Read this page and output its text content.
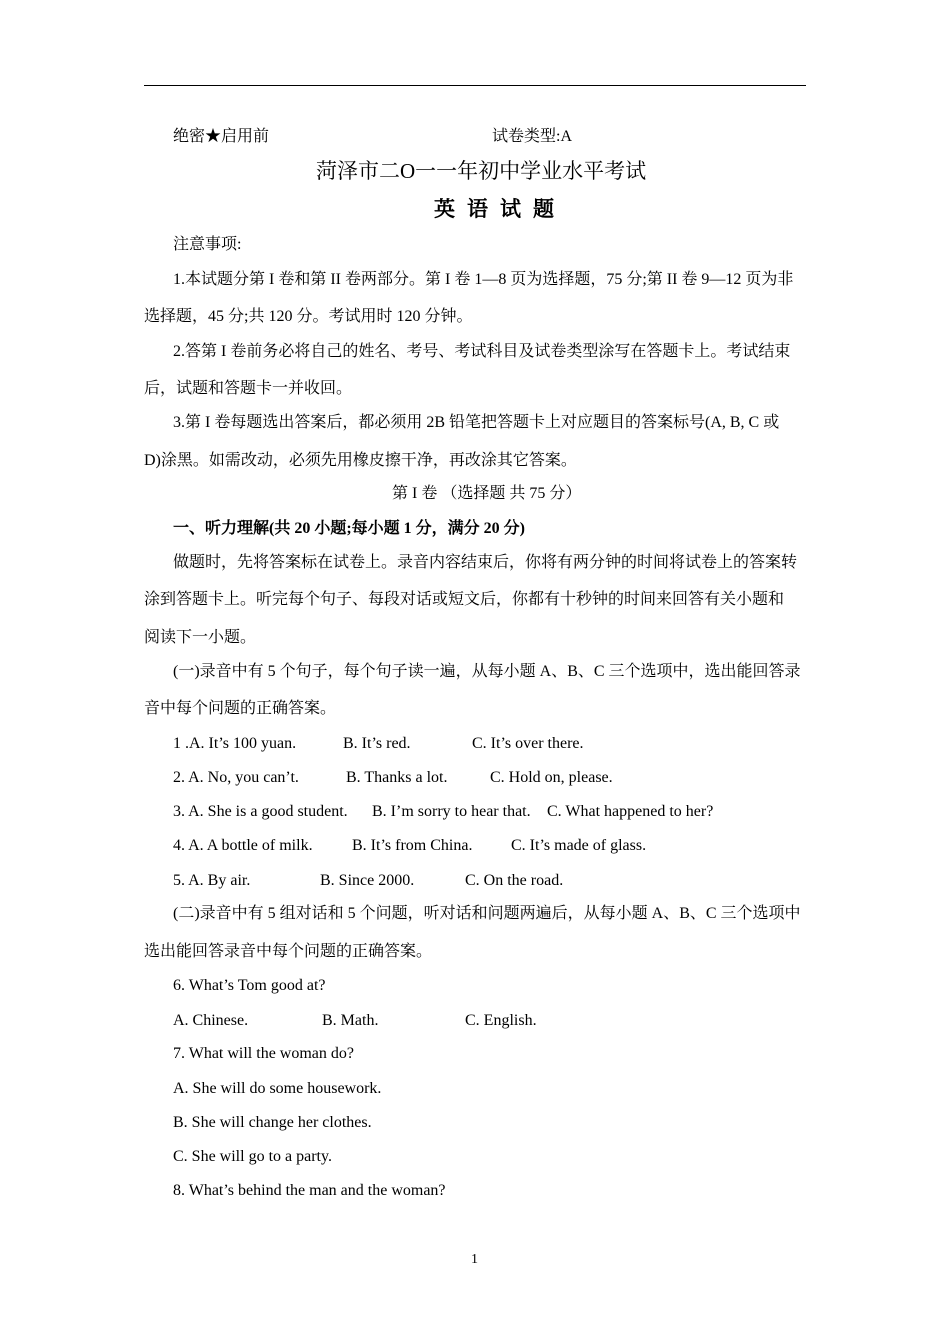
绝密★启用前	试卷类型:A
菏泽市二O一一年初中学业水平考试
英语试题
注意事项:
1.本试题分第 I 卷和第 II 卷两部分。第 I 卷 1—8 页为选择题，75 分;第 II 卷 9—12 页为非
选择题，45 分;共 120 分。考试用时 120 分钟。
2.答第 I 卷前务必将自己的姓名、考号、考试科目及试卷类型涂写在答题卡上。考试结束
后，试题和答题卡一并收回。
3.第 I 卷每题选出答案后，都必须用 2B 铅笔把答题卡上对应题目的答案标号(A, B, C 或
D)涂黑。如需改动，必须先用橡皮擦干净，再改涂其它答案。
第 I 卷 （选择题 共 75 分）
一、听力理解(共 20 小题;每小题 1 分，满分 20 分)
做题时，先将答案标在试卷上。录音内容结束后，你将有两分钟的时间将试卷上的答案转
涂到答题卡上。听完每个句子、每段对话或短文后，你都有十秒钟的时间来回答有关小题和
阅读下一小题。
(一)录音中有 5 个句子，每个句子读一遍，从每小题 A、B、C 三个选项中，选出能回答录
音中每个问题的正确答案。
1 .A. It’s 100 yuan.	B. It’s red.	C. It’s over there.
2. A. No, you can’t.	B. Thanks a lot.	C. Hold on, please.
3. A. She is a good student. B. I’m sorry to hear that. C. What happened to her?
4. A. A bottle of milk. B. It’s from China. C. It’s made of glass.
5. A. By air.	B. Since 2000.	C. On the road.
(二)录音中有 5 组对话和 5 个问题，听对话和问题两遍后，从每小题 A、B、C 三个选项中
选出能回答录音中每个问题的正确答案。
6. What’s Tom good at?
A. Chinese.	B. Math.	C. English.
7. What will the woman do?
A. She will do some housework.
B. She will change her clothes.
C. She will go to a party.
8. What’s behind the man and the woman?
1
